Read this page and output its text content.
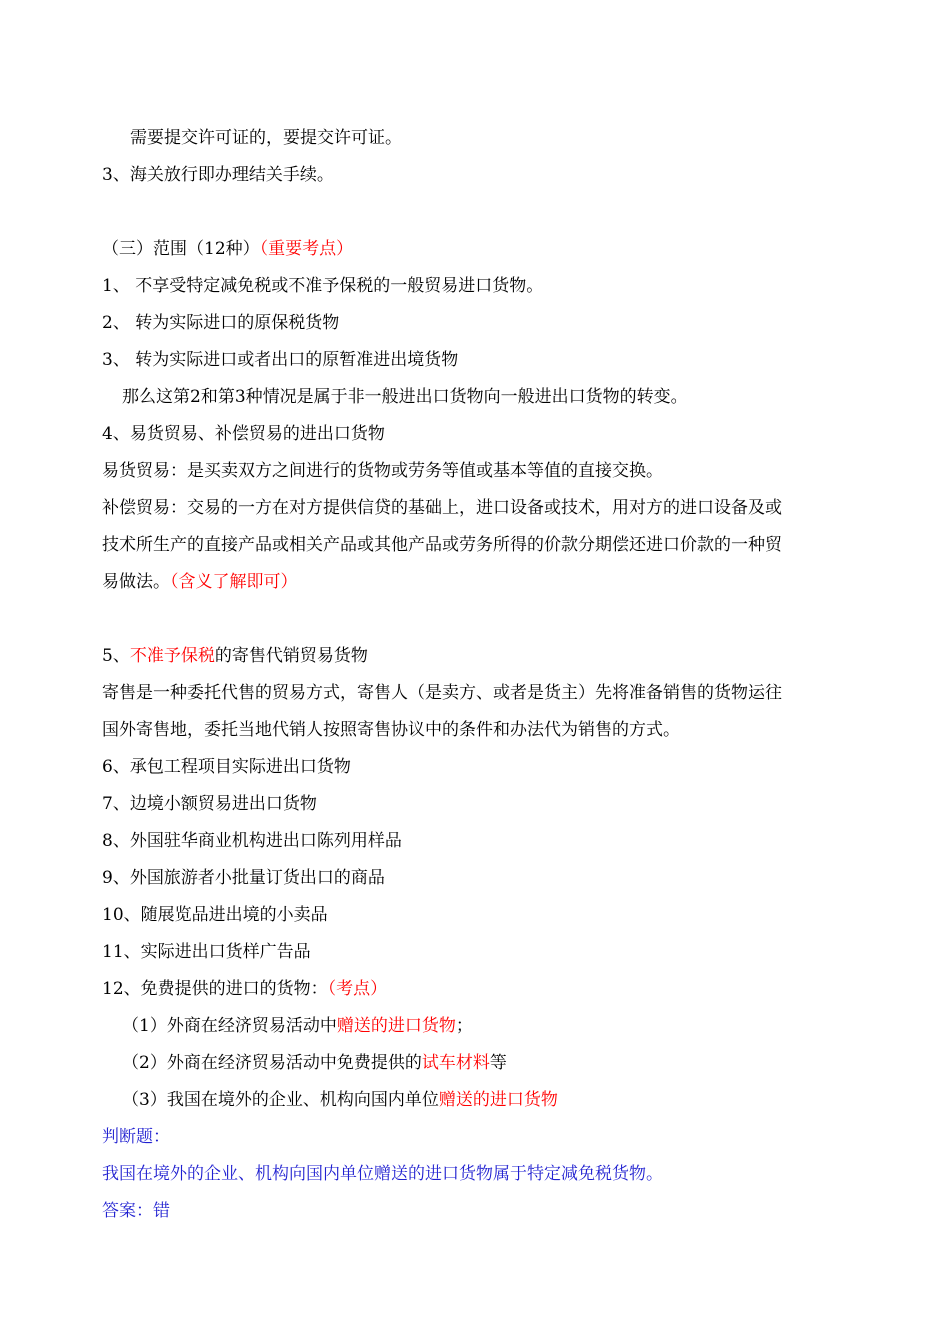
需要提交许可证的，要提交许可证。
3、海关放行即办理结关手续。
（三）范围（12种）（重要考点）
1、 不享受特定减免税或不准予保税的一般贸易进口货物。
2、 转为实际进口的原保税货物
3、 转为实际进口或者出口的原暂准进出境货物
那么这第2和第3种情况是属于非一般进出口货物向一般进出口货物的转变。
4、易货贸易、补偿贸易的进出口货物
易货贸易：是买卖双方之间进行的货物或劳务等值或基本等值的直接交换。
补偿贸易：交易的一方在对方提供信贷的基础上，进口设备或技术，用对方的进口设备及或
技术所生产的直接产品或相关产品或其他产品或劳务所得的价款分期偿还进口价款的一种贸
易做法。（含义了解即可）
5、不准予保税的寄售代销贸易货物
寄售是一种委托代售的贸易方式，寄售人（是卖方、或者是货主）先将准备销售的货物运往
国外寄售地，委托当地代销人按照寄售协议中的条件和办法代为销售的方式。
6、承包工程项目实际进出口货物
7、边境小额贸易进出口货物
8、外国驻华商业机构进出口陈列用样品
9、外国旅游者小批量订货出口的商品
10、随展览品进出境的小卖品
11、实际进出口货样广告品
12、免费提供的进口的货物：（考点）
（1）外商在经济贸易活动中赠送的进口货物；
（2）外商在经济贸易活动中免费提供的试车材料等
（3）我国在境外的企业、机构向国内单位赠送的进口货物
判断题：
我国在境外的企业、机构向国内单位赠送的进口货物属于特定减免税货物。
答案：错
